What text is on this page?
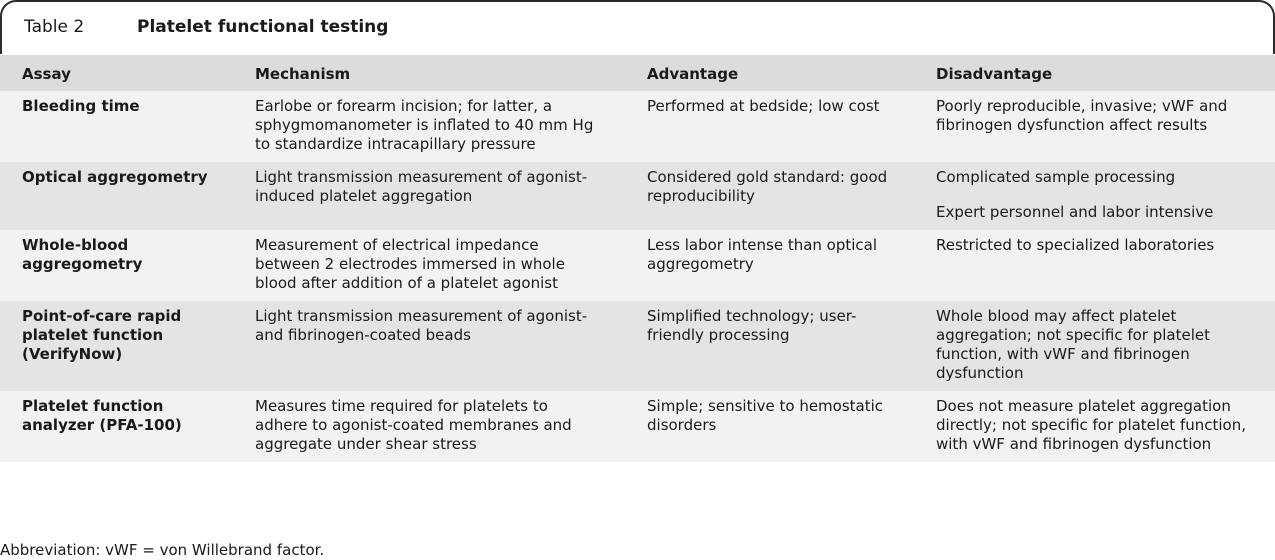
Table 2	Platelet functional testing
Assay	Mechanism	Advantage	Disadvantage
Bleeding time	Earlobe or forearm incision; for latter, a sphygmomanometer is inflated to 40 mm Hg to standardize intracapillary pressure	Performed at bedside; low cost	Poorly reproducible, invasive; vWF and fibrinogen dysfunction affect results

Optical aggregometry	Light transmission measurement of agonist-induced platelet aggregation	Considered gold standard: good reproducibility	Complicated sample processing
Expert personnel and labor intensive

Whole-blood aggregometry	Measurement of electrical impedance between 2 electrodes immersed in whole blood after addition of a platelet agonist	Less labor intense than optical aggregometry	Restricted to specialized laboratories

Point-of-care rapid platelet function (VerifyNow)	Light transmission measurement of agonist- and fibrinogen-coated beads	Simplified technology; user-friendly processing	Whole blood may affect platelet aggregation; not specific for platelet function, with vWF and fibrinogen dysfunction

Platelet function analyzer (PFA-100)	Measures time required for platelets to adhere to agonist-coated membranes and aggregate under shear stress	Simple; sensitive to hemostatic disorders	Does not measure platelet aggregation directly; not specific for platelet function, with vWF and fibrinogen dysfunction
Abbreviation: vWF = von Willebrand factor.
